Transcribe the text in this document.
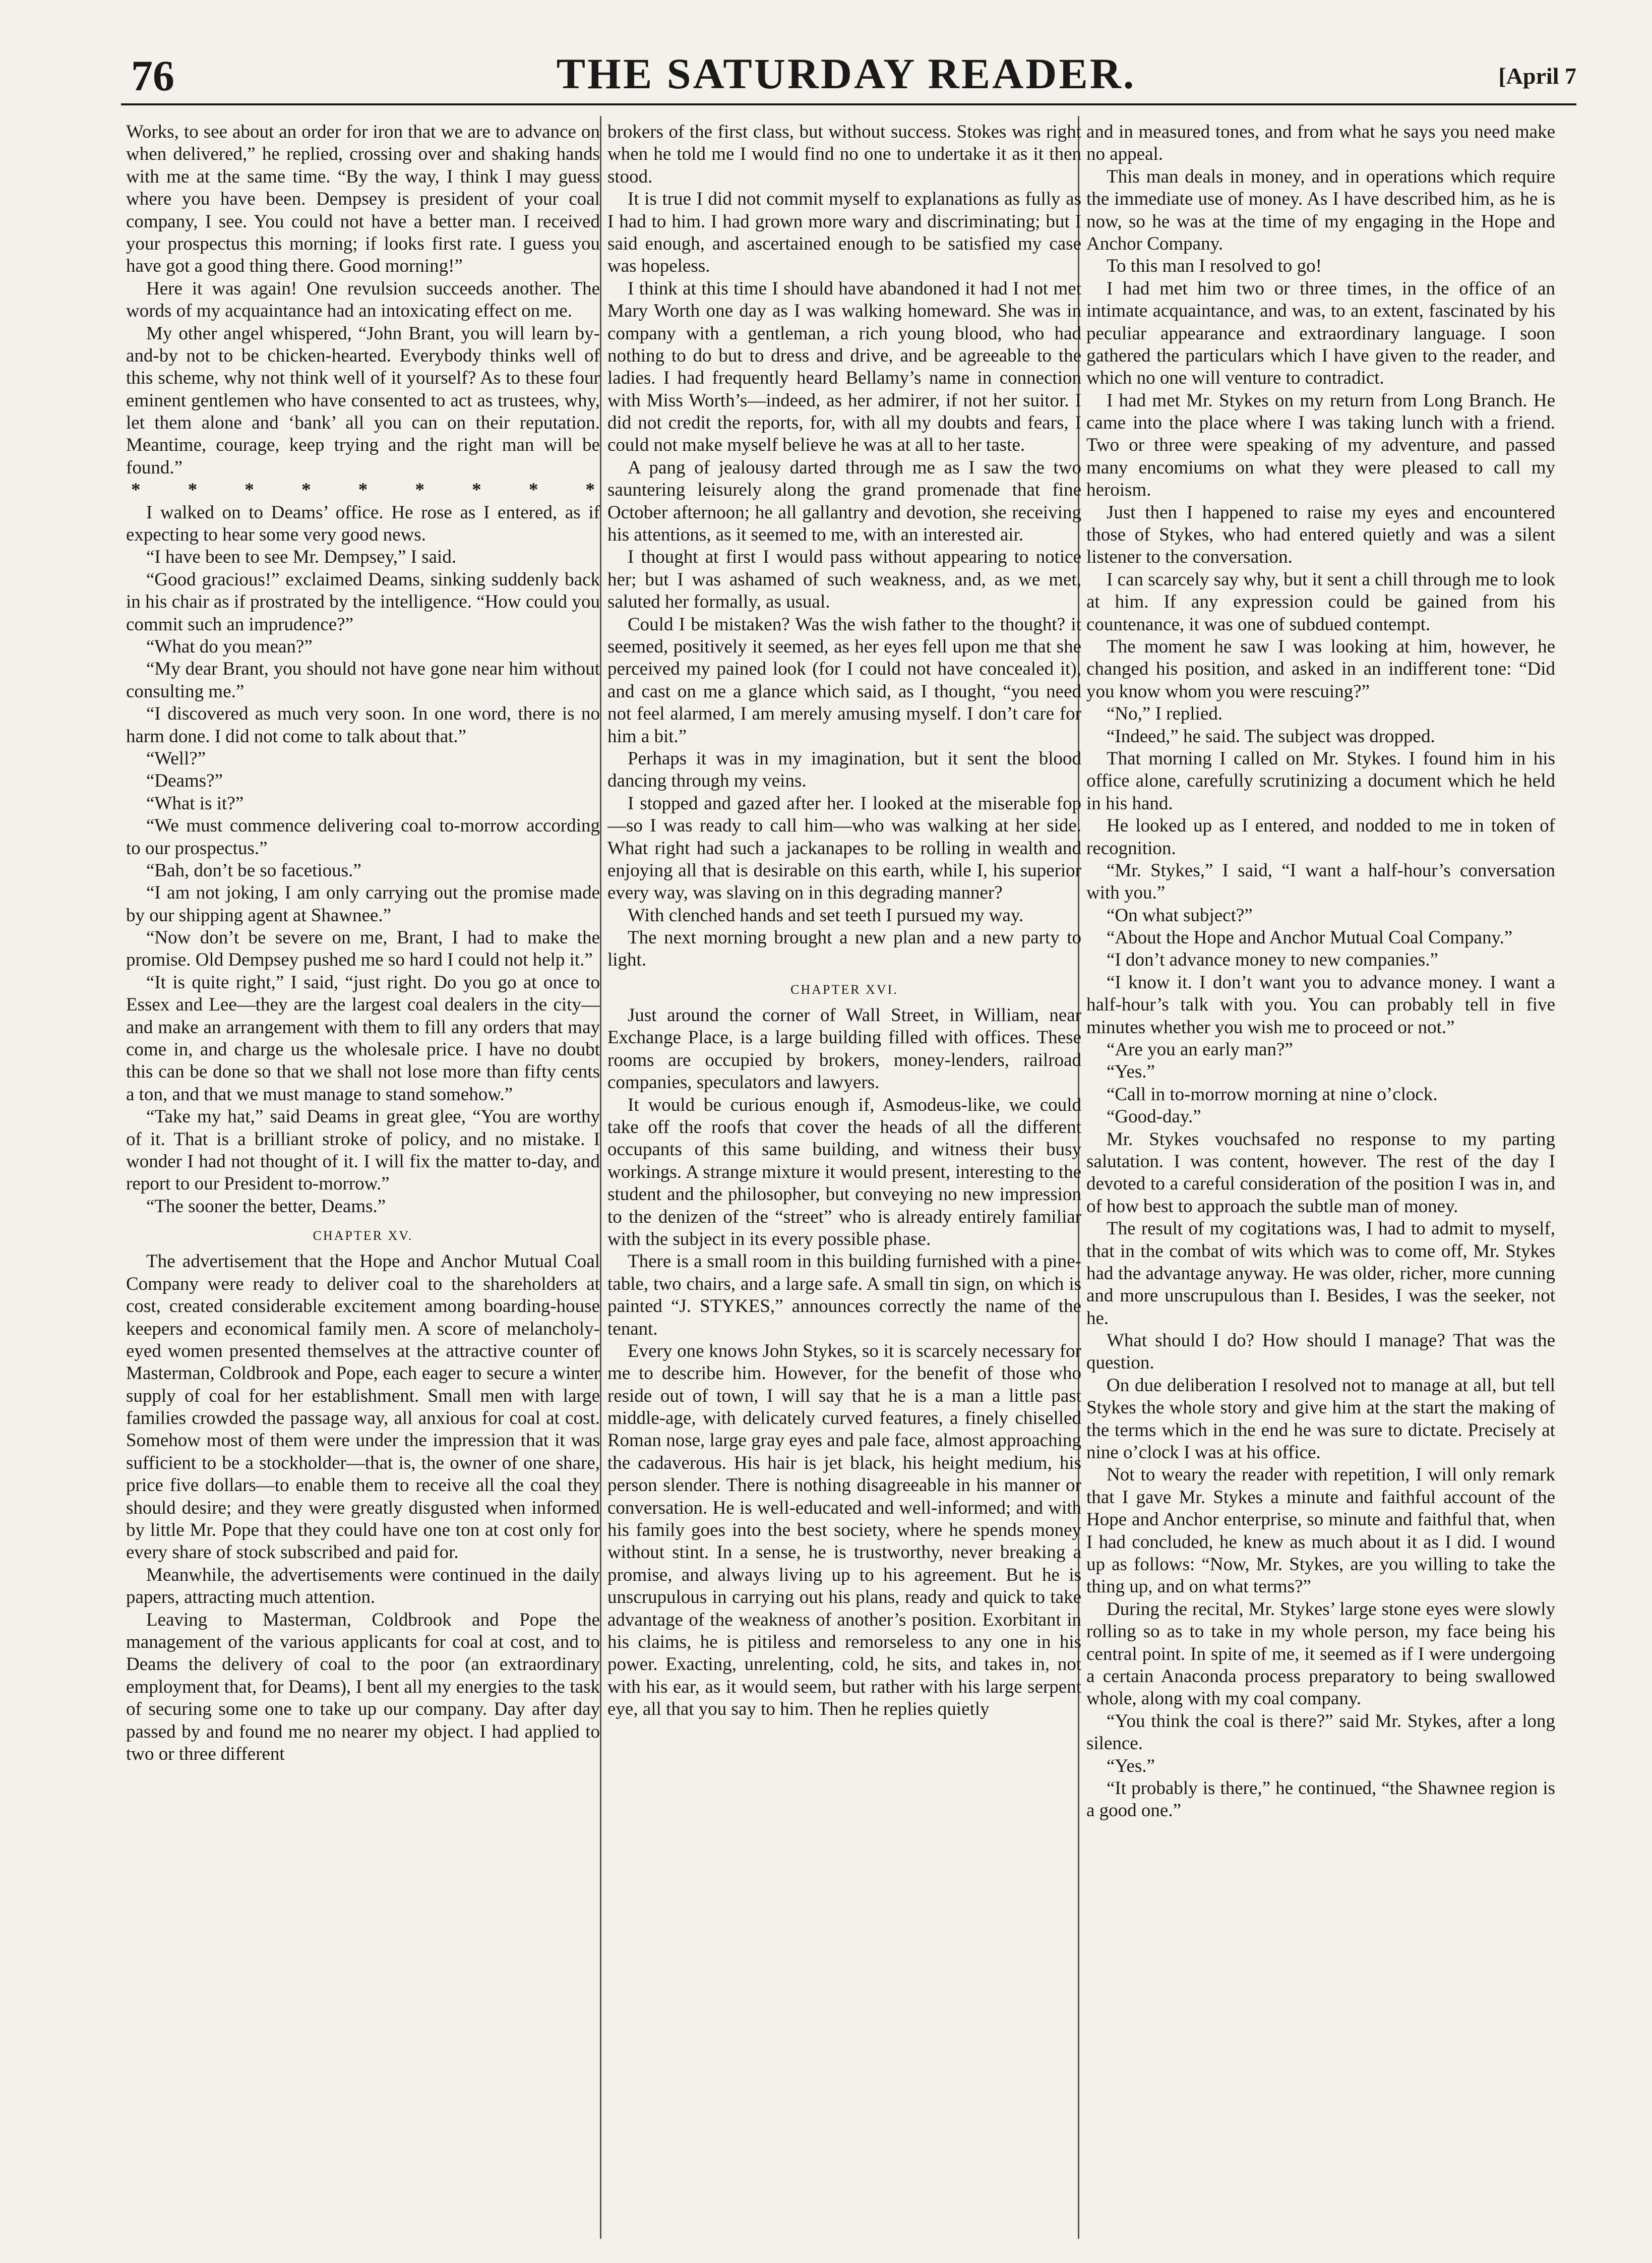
76	THE SATURDAY READER.	[April 7

Works, to see about an order for iron that we are to advance on when delivered,” he replied, crossing over and shaking hands with me at the same time. “By the way, I think I may guess where you have been. Dempsey is president of your coal company, I see. You could not have a better man. I received your prospectus this morning; if looks first rate. I guess you have got a good thing there. Good morning!”

Here it was again! One revulsion succeeds another. The words of my acquaintance had an intoxicating effect on me.

My other angel whispered, “John Brant, you will learn by-and-by not to be chicken-hearted. Everybody thinks well of this scheme, why not think well of it yourself? As to these four eminent gentlemen who have consented to act as trustees, why, let them alone and ‘bank’ all you can on their reputation. Meantime, courage, keep trying and the right man will be found.”

* * * * * * * * *

I walked on to Deams’ office. He rose as I entered, as if expecting to hear some very good news.

“I have been to see Mr. Dempsey,” I said.

“Good gracious!” exclaimed Deams, sinking suddenly back in his chair as if prostrated by the intelligence. “How could you commit such an imprudence?”

“What do you mean?”

“My dear Brant, you should not have gone near him without consulting me.”

“I discovered as much very soon. In one word, there is no harm done. I did not come to talk about that.”

“Well?”

“Deams?”

“What is it?”

“We must commence delivering coal to-morrow according to our prospectus.”

“Bah, don’t be so facetious.”

“I am not joking, I am only carrying out the promise made by our shipping agent at Shawnee.”

“Now don’t be severe on me, Brant, I had to make the promise. Old Dempsey pushed me so hard I could not help it.”

“It is quite right,” I said, “just right. Do you go at once to Essex and Lee—they are the largest coal dealers in the city—and make an arrangement with them to fill any orders that may come in, and charge us the wholesale price. I have no doubt this can be done so that we shall not lose more than fifty cents a ton, and that we must manage to stand somehow.”

“Take my hat,” said Deams in great glee, “You are worthy of it. That is a brilliant stroke of policy, and no mistake. I wonder I had not thought of it. I will fix the matter to-day, and report to our President to-morrow.”

“The sooner the better, Deams.”

CHAPTER XV.

The advertisement that the Hope and Anchor Mutual Coal Company were ready to deliver coal to the shareholders at cost, created considerable excitement among boarding-house keepers and economical family men. A score of melancholy-eyed women presented themselves at the attractive counter of Masterman, Coldbrook and Pope, each eager to secure a winter supply of coal for her establishment. Small men with large families crowded the passage way, all anxious for coal at cost. Somehow most of them were under the impression that it was sufficient to be a stockholder—that is, the owner of one share, price five dollars—to enable them to receive all the coal they should desire; and they were greatly disgusted when informed by little Mr. Pope that they could have one ton at cost only for every share of stock subscribed and paid for.

Meanwhile, the advertisements were continued in the daily papers, attracting much attention.

Leaving to Masterman, Coldbrook and Pope the management of the various applicants for coal at cost, and to Deams the delivery of coal to the poor (an extraordinary employment that, for Deams), I bent all my energies to the task of securing some one to take up our company. Day after day passed by and found me no nearer my object. I had applied to two or three different

brokers of the first class, but without success. Stokes was right when he told me I would find no one to undertake it as it then stood.

It is true I did not commit myself to explanations as fully as I had to him. I had grown more wary and discriminating; but I said enough, and ascertained enough to be satisfied my case was hopeless.

I think at this time I should have abandoned it had I not met Mary Worth one day as I was walking homeward. She was in company with a gentleman, a rich young blood, who had nothing to do but to dress and drive, and be agreeable to the ladies. I had frequently heard Bellamy’s name in connection with Miss Worth’s—indeed, as her admirer, if not her suitor. I did not credit the reports, for, with all my doubts and fears, I could not make myself believe he was at all to her taste.

A pang of jealousy darted through me as I saw the two sauntering leisurely along the grand promenade that fine October afternoon; he all gallantry and devotion, she receiving his attentions, as it seemed to me, with an interested air.

I thought at first I would pass without appearing to notice her; but I was ashamed of such weakness, and, as we met, saluted her formally, as usual.

Could I be mistaken? Was the wish father to the thought? it seemed, positively it seemed, as her eyes fell upon me that she perceived my pained look (for I could not have concealed it), and cast on me a glance which said, as I thought, “you need not feel alarmed, I am merely amusing myself. I don’t care for him a bit.”

Perhaps it was in my imagination, but it sent the blood dancing through my veins.

I stopped and gazed after her. I looked at the miserable fop—so I was ready to call him—who was walking at her side. What right had such a jackanapes to be rolling in wealth and enjoying all that is desirable on this earth, while I, his superior every way, was slaving on in this degrading manner?

With clenched hands and set teeth I pursued my way.

The next morning brought a new plan and a new party to light.

CHAPTER XVI.

Just around the corner of Wall Street, in William, near Exchange Place, is a large building filled with offices. These rooms are occupied by brokers, money-lenders, railroad companies, speculators and lawyers.

It would be curious enough if, Asmodeus-like, we could take off the roofs that cover the heads of all the different occupants of this same building, and witness their busy workings. A strange mixture it would present, interesting to the student and the philosopher, but conveying no new impression to the denizen of the “street” who is already entirely familiar with the subject in its every possible phase.

There is a small room in this building furnished with a pine-table, two chairs, and a large safe. A small tin sign, on which is painted “J. STYKES,” announces correctly the name of the tenant.

Every one knows John Stykes, so it is scarcely necessary for me to describe him. However, for the benefit of those who reside out of town, I will say that he is a man a little past middle-age, with delicately curved features, a finely chiselled Roman nose, large gray eyes and pale face, almost approaching the cadaverous. His hair is jet black, his height medium, his person slender. There is nothing disagreeable in his manner or conversation. He is well-educated and well-informed; and with his family goes into the best society, where he spends money without stint. In a sense, he is trustworthy, never breaking a promise, and always living up to his agreement. But he is unscrupulous in carrying out his plans, ready and quick to take advantage of the weakness of another’s position. Exorbitant in his claims, he is pitiless and remorseless to any one in his power. Exacting, unrelenting, cold, he sits, and takes in, not with his ear, as it would seem, but rather with his large serpent eye, all that you say to him. Then he replies quietly

and in measured tones, and from what he says you need make no appeal.

This man deals in money, and in operations which require the immediate use of money. As I have described him, as he is now, so he was at the time of my engaging in the Hope and Anchor Company.

To this man I resolved to go!

I had met him two or three times, in the office of an intimate acquaintance, and was, to an extent, fascinated by his peculiar appearance and extraordinary language. I soon gathered the particulars which I have given to the reader, and which no one will venture to contradict.

I had met Mr. Stykes on my return from Long Branch. He came into the place where I was taking lunch with a friend. Two or three were speaking of my adventure, and passed many encomiums on what they were pleased to call my heroism.

Just then I happened to raise my eyes and encountered those of Stykes, who had entered quietly and was a silent listener to the conversation.

I can scarcely say why, but it sent a chill through me to look at him. If any expression could be gained from his countenance, it was one of subdued contempt.

The moment he saw I was looking at him, however, he changed his position, and asked in an indifferent tone: “Did you know whom you were rescuing?”

“No,” I replied.

“Indeed,” he said. The subject was dropped.

That morning I called on Mr. Stykes. I found him in his office alone, carefully scrutinizing a document which he held in his hand.

He looked up as I entered, and nodded to me in token of recognition.

“Mr. Stykes,” I said, “I want a half-hour’s conversation with you.”

“On what subject?”

“About the Hope and Anchor Mutual Coal Company.”

“I don’t advance money to new companies.”

“I know it. I don’t want you to advance money. I want a half-hour’s talk with you. You can probably tell in five minutes whether you wish me to proceed or not.”

“Are you an early man?”

“Yes.”

“Call in to-morrow morning at nine o’clock.

“Good-day.”

Mr. Stykes vouchsafed no response to my parting salutation. I was content, however. The rest of the day I devoted to a careful consideration of the position I was in, and of how best to approach the subtle man of money.

The result of my cogitations was, I had to admit to myself, that in the combat of wits which was to come off, Mr. Stykes had the advantage anyway. He was older, richer, more cunning and more unscrupulous than I. Besides, I was the seeker, not he.

What should I do? How should I manage? That was the question.

On due deliberation I resolved not to manage at all, but tell Stykes the whole story and give him at the start the making of the terms which in the end he was sure to dictate. Precisely at nine o’clock I was at his office.

Not to weary the reader with repetition, I will only remark that I gave Mr. Stykes a minute and faithful account of the Hope and Anchor enterprise, so minute and faithful that, when I had concluded, he knew as much about it as I did. I wound up as follows: “Now, Mr. Stykes, are you willing to take the thing up, and on what terms?”

During the recital, Mr. Stykes’ large stone eyes were slowly rolling so as to take in my whole person, my face being his central point. In spite of me, it seemed as if I were undergoing a certain Anaconda process preparatory to being swallowed whole, along with my coal company.

“You think the coal is there?” said Mr. Stykes, after a long silence.

“Yes.”

“It probably is there,” he continued, “the Shawnee region is a good one.”
